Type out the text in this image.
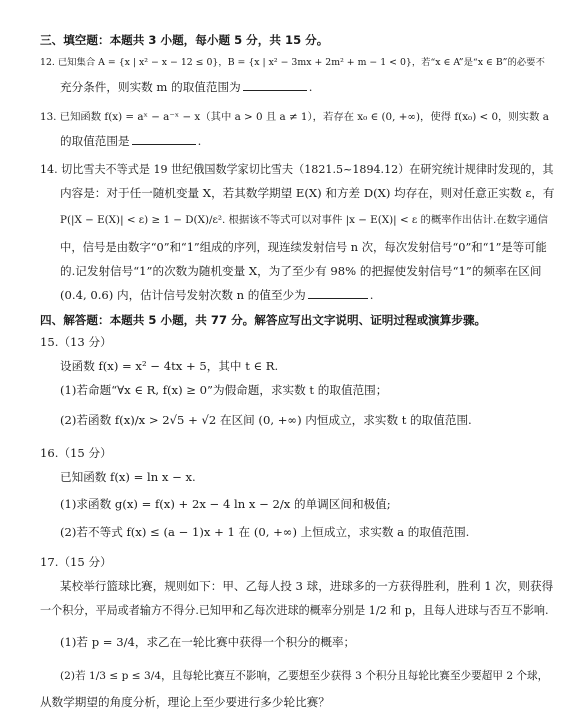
三、填空题：本题共 3 小题，每小题 5 分，共 15 分。
12. 已知集合 A = {x | x² − x − 12 ≤ 0}，B = {x | x² − 3mx + 2m² + m − 1 < 0}，若“x ∈ A”是“x ∈ B”的必要不
充分条件，则实数 m 的取值范围为	.
13. 已知函数 f(x) = aˣ − a⁻ˣ − x（其中 a > 0 且 a ≠ 1），若存在 x₀ ∈ (0, +∞)，使得 f(x₀) < 0，则实数 a
的取值范围是	.
14. 切比雪夫不等式是 19 世纪俄国数学家切比雪夫（1821.5~1894.12）在研究统计规律时发现的，其
内容是：对于任一随机变量 X，若其数学期望 E(X) 和方差 D(X) 均存在，则对任意正实数 ε，有
P(|X − E(X)| < ε) ≥ 1 − D(X)/ε². 根据该不等式可以对事件 |x − E(X)| < ε 的概率作出估计.在数字通信
中，信号是由数字“0”和“1”组成的序列，现连续发射信号 n 次，每次发射信号“0”和“1”是等可能
的.记发射信号“1”的次数为随机变量 X，为了至少有 98% 的把握使发射信号“1”的频率在区间
(0.4, 0.6) 内，估计信号发射次数 n 的值至少为	.
四、解答题：本题共 5 小题，共 77 分。解答应写出文字说明、证明过程或演算步骤。
15.（13 分）
设函数 f(x) = x² − 4tx + 5，其中 t ∈ R.
(1)若命题“∀x ∈ R, f(x) ≥ 0”为假命题，求实数 t 的取值范围；
(2)若函数 f(x)/x > 2√5 + √2 在区间 (0, +∞) 内恒成立，求实数 t 的取值范围.
16.（15 分）
已知函数 f(x) = ln x − x.
(1)求函数 g(x) = f(x) + 2x − 4 ln x − 2/x 的单调区间和极值;
(2)若不等式 f(x) ≤ (a − 1)x + 1 在 (0, +∞) 上恒成立，求实数 a 的取值范围.
17.（15 分）
某校举行篮球比赛，规则如下：甲、乙每人投 3 球，进球多的一方获得胜利，胜利 1 次，则获得
一个积分，平局或者输方不得分.已知甲和乙每次进球的概率分别是 1/2 和 p，且每人进球与否互不影响.
(1)若 p = 3/4，求乙在一轮比赛中获得一个积分的概率；
(2)若 1/3 ≤ p ≤ 3/4，且每轮比赛互不影响，乙要想至少获得 3 个积分且每轮比赛至少要超甲 2 个球，
从数学期望的角度分析，理论上至少要进行多少轮比赛？
